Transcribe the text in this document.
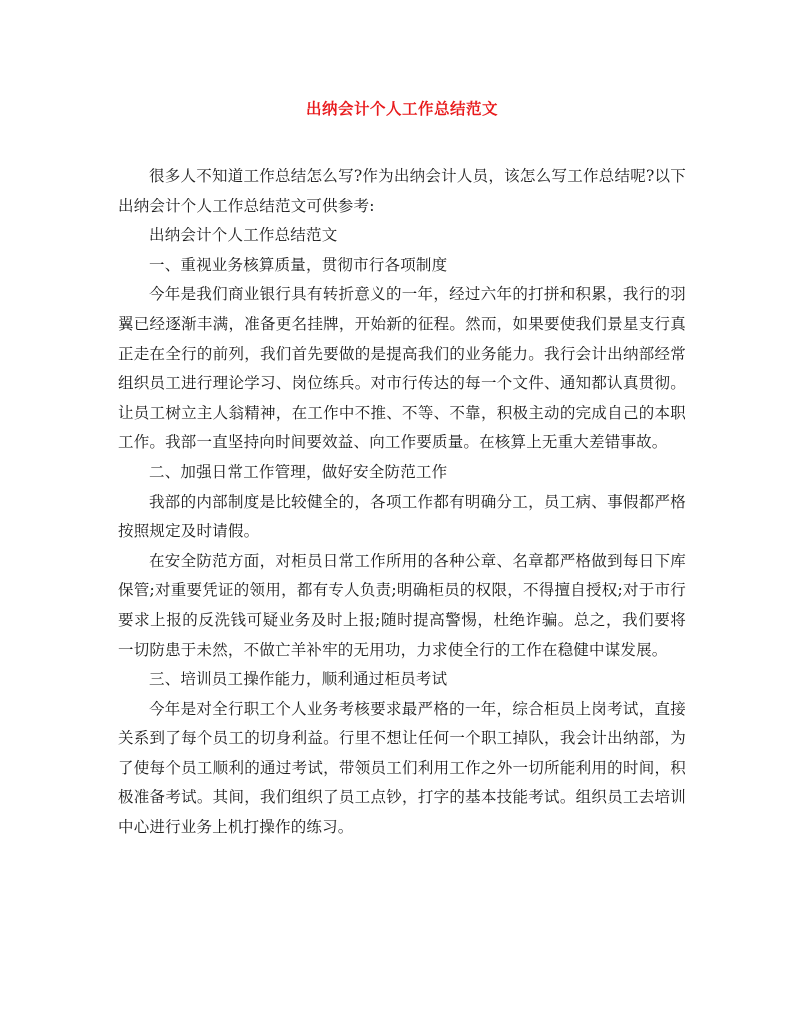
出纳会计个人工作总结范文

很多人不知道工作总结怎么写?作为出纳会计人员，该怎么写工作总结呢?以下出纳会计个人工作总结范文可供参考:

出纳会计个人工作总结范文

一、重视业务核算质量，贯彻市行各项制度

今年是我们商业银行具有转折意义的一年，经过六年的打拼和积累，我行的羽翼已经逐渐丰满，准备更名挂牌，开始新的征程。然而，如果要使我们景星支行真正走在全行的前列，我们首先要做的是提高我们的业务能力。我行会计出纳部经常组织员工进行理论学习、岗位练兵。对市行传达的每一个文件、通知都认真贯彻。让员工树立主人翁精神，在工作中不推、不等、不靠，积极主动的完成自己的本职工作。我部一直坚持向时间要效益、向工作要质量。在核算上无重大差错事故。

二、加强日常工作管理，做好安全防范工作

我部的内部制度是比较健全的，各项工作都有明确分工，员工病、事假都严格按照规定及时请假。

在安全防范方面，对柜员日常工作所用的各种公章、名章都严格做到每日下库保管;对重要凭证的领用，都有专人负责;明确柜员的权限，不得擅自授权;对于市行要求上报的反洗钱可疑业务及时上报;随时提高警惕，杜绝诈骗。总之，我们要将一切防患于未然，不做亡羊补牢的无用功，力求使全行的工作在稳健中谋发展。

三、培训员工操作能力，顺利通过柜员考试

今年是对全行职工个人业务考核要求最严格的一年，综合柜员上岗考试，直接关系到了每个员工的切身利益。行里不想让任何一个职工掉队，我会计出纳部，为了使每个员工顺利的通过考试，带领员工们利用工作之外一切所能利用的时间，积极准备考试。其间，我们组织了员工点钞，打字的基本技能考试。组织员工去培训中心进行业务上机打操作的练习。
